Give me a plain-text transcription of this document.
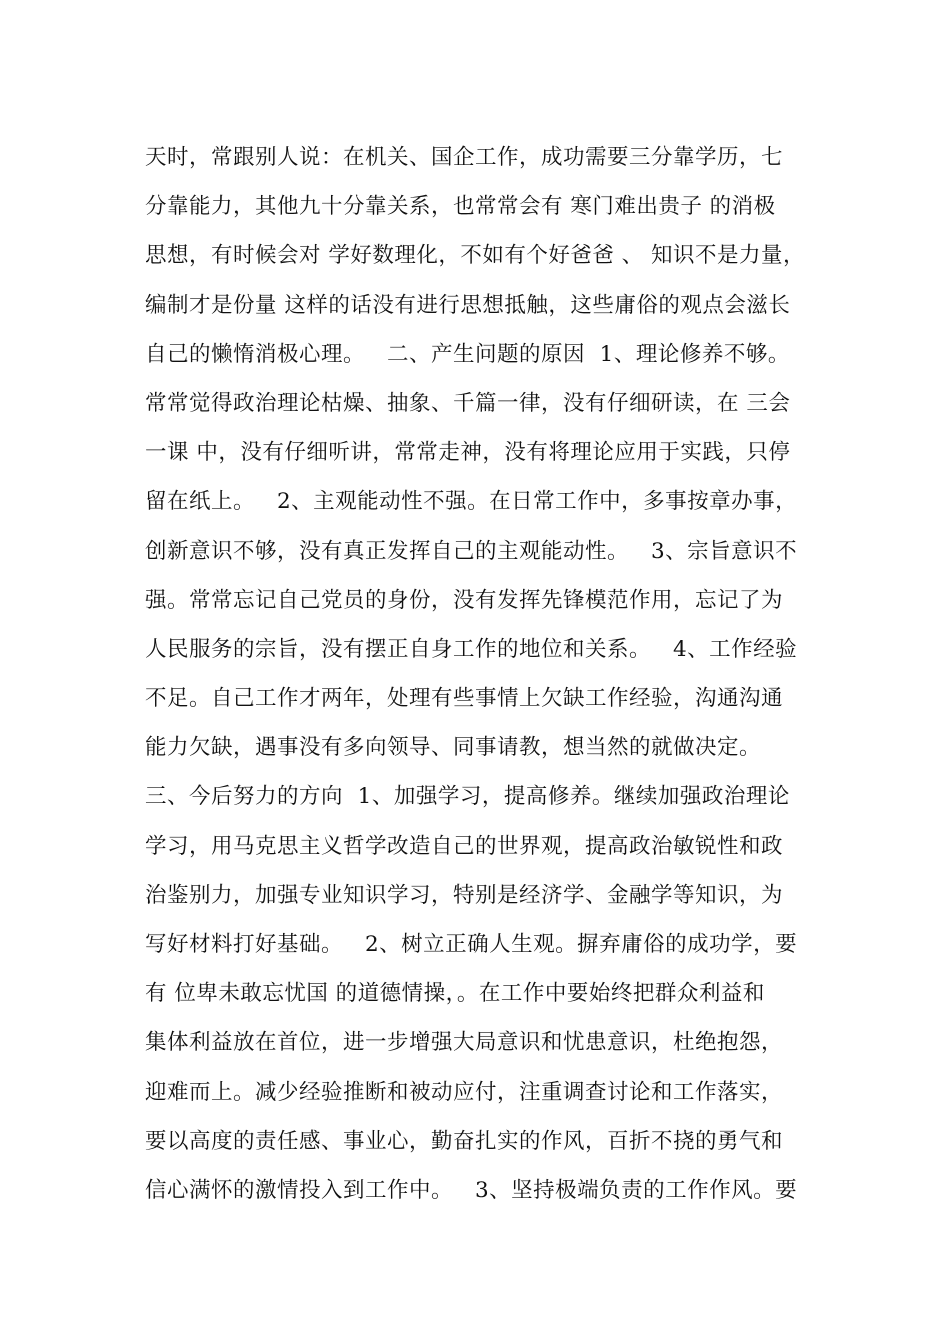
天时，常跟别人说：在机关、国企工作，成功需要三分靠学历，七
分靠能力，其他九十分靠关系，也常常会有 寒门难出贵子 的消极
思想，有时候会对 学好数理化，不如有个好爸爸 、 知识不是力量，
编制才是份量 这样的话没有进行思想抵触，这些庸俗的观点会滋长
自己的懒惰消极心理。   二、产生问题的原因  1、理论修养不够。
常常觉得政治理论枯燥、抽象、千篇一律，没有仔细研读，在 三会
一课 中，没有仔细听讲，常常走神，没有将理论应用于实践，只停
留在纸上。   2、主观能动性不强。在日常工作中，多事按章办事，
创新意识不够，没有真正发挥自己的主观能动性。   3、宗旨意识不
强。常常忘记自己党员的身份，没有发挥先锋模范作用，忘记了为
人民服务的宗旨，没有摆正自身工作的地位和关系。   4、工作经验
不足。自己工作才两年，处理有些事情上欠缺工作经验，沟通沟通
能力欠缺，遇事没有多向领导、同事请教，想当然的就做决定。
三、今后努力的方向  1、加强学习，提高修养。继续加强政治理论
学习，用马克思主义哲学改造自己的世界观，提高政治敏锐性和政
治鉴别力，加强专业知识学习，特别是经济学、金融学等知识，为
写好材料打好基础。   2、树立正确人生观。摒弃庸俗的成功学，要
有 位卑未敢忘忧国 的道德情操，。在工作中要始终把群众利益和
集体利益放在首位，进一步增强大局意识和忧患意识，杜绝抱怨，
迎难而上。减少经验推断和被动应付，注重调查讨论和工作落实，
要以高度的责任感、事业心，勤奋扎实的作风，百折不挠的勇气和
信心满怀的激情投入到工作中。   3、坚持极端负责的工作作风。要
